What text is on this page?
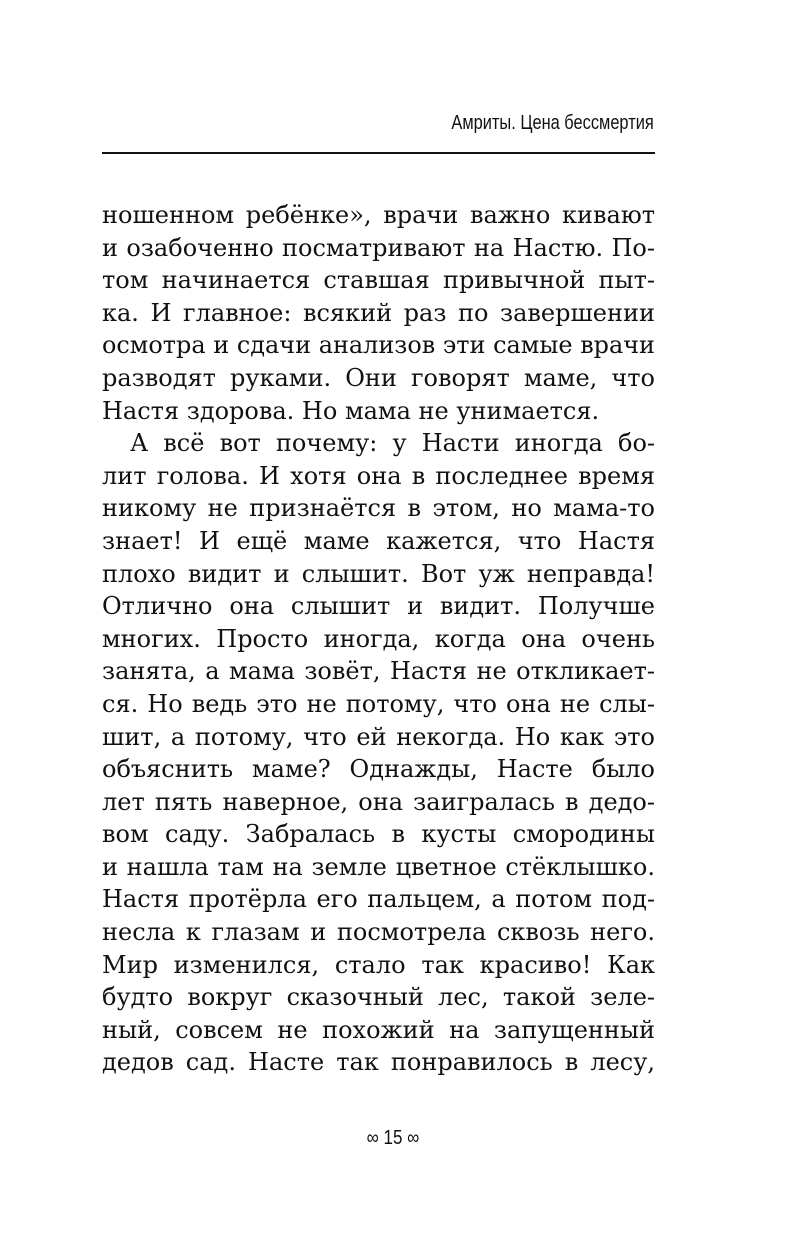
Амриты. Цена бессмертия
ношенном ребёнке», врачи важно кивают
и озабоченно посматривают на Настю. По-
том начинается ставшая привычной пыт-
ка. И главное: всякий раз по завершении
осмотра и сдачи анализов эти самые врачи
разводят руками. Они говорят маме, что
Настя здорова. Но мама не унимается.
А всё вот почему: у Насти иногда бо-
лит голова. И хотя она в последнее время
никому не признаётся в этом, но мама-то
знает! И ещё маме кажется, что Настя
плохо видит и слышит. Вот уж неправда!
Отлично она слышит и видит. Получше
многих. Просто иногда, когда она очень
занята, а мама зовёт, Настя не откликает-
ся. Но ведь это не потому, что она не слы-
шит, а потому, что ей некогда. Но как это
объяснить маме? Однажды, Насте было
лет пять наверное, она заигралась в дедо-
вом саду. Забралась в кусты смородины
и нашла там на земле цветное стёклышко.
Настя протёрла его пальцем, а потом под-
несла к глазам и посмотрела сквозь него.
Мир изменился, стало так красиво! Как
будто вокруг сказочный лес, такой зеле-
ный, совсем не похожий на запущенный
дедов сад. Насте так понравилось в лесу,
∞ 15 ∞
